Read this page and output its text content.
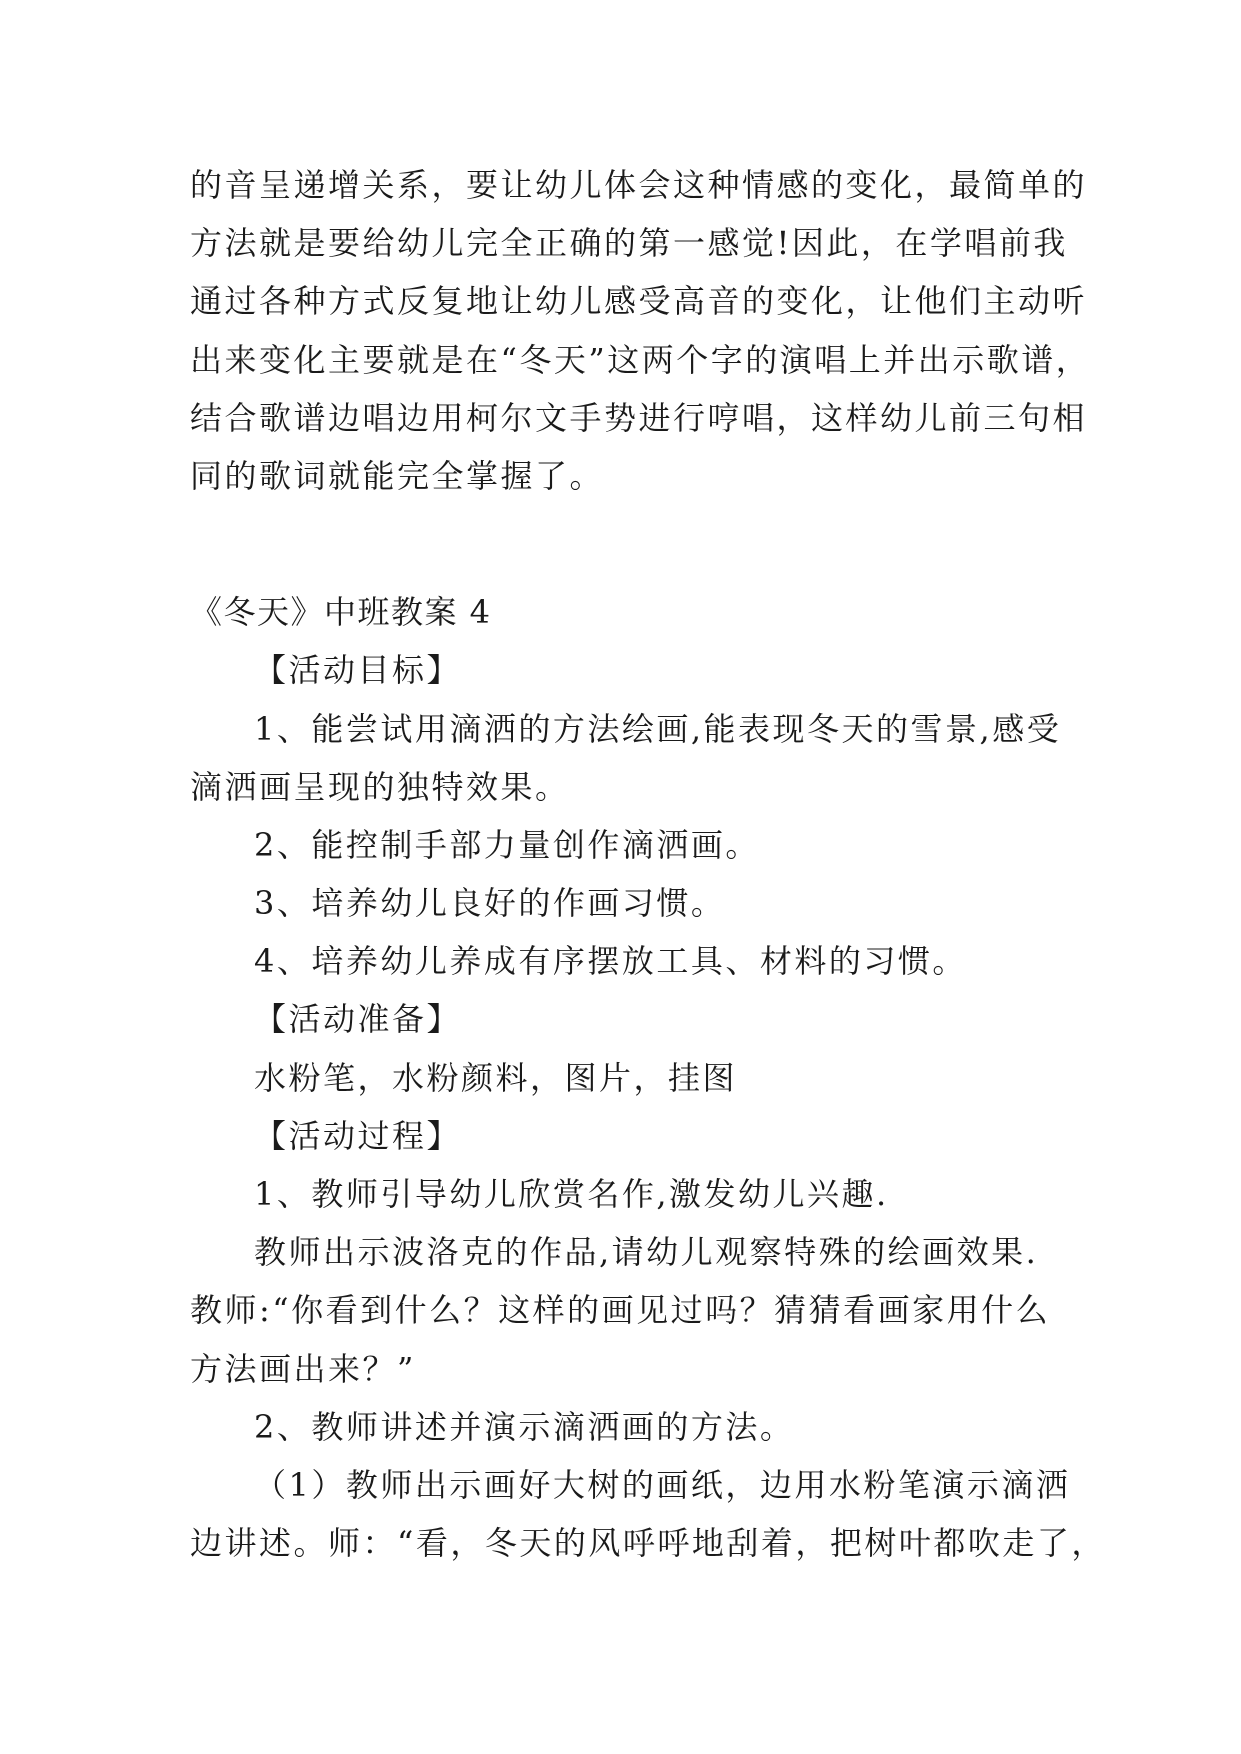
的音呈递增关系，要让幼儿体会这种情感的变化，最简单的
方法就是要给幼儿完全正确的第一感觉!因此，在学唱前我
通过各种方式反复地让幼儿感受高音的变化，让他们主动听
出来变化主要就是在“冬天”这两个字的演唱上并出示歌谱，
结合歌谱边唱边用柯尔文手势进行哼唱，这样幼儿前三句相
同的歌词就能完全掌握了。
《冬天》中班教案 4
【活动目标】
1、能尝试用滴洒的方法绘画,能表现冬天的雪景,感受
滴洒画呈现的独特效果。
2、能控制手部力量创作滴洒画。
3、培养幼儿良好的作画习惯。
4、培养幼儿养成有序摆放工具、材料的习惯。
【活动准备】
水粉笔，水粉颜料，图片，挂图
【活动过程】
1、教师引导幼儿欣赏名作,激发幼儿兴趣.
教师出示波洛克的作品,请幼儿观察特殊的绘画效果.
教师:“你看到什么？这样的画见过吗？猜猜看画家用什么
方法画出来？”
2、教师讲述并演示滴洒画的方法。
（1）教师出示画好大树的画纸，边用水粉笔演示滴洒
边讲述。师：“看，冬天的风呼呼地刮着，把树叶都吹走了，
